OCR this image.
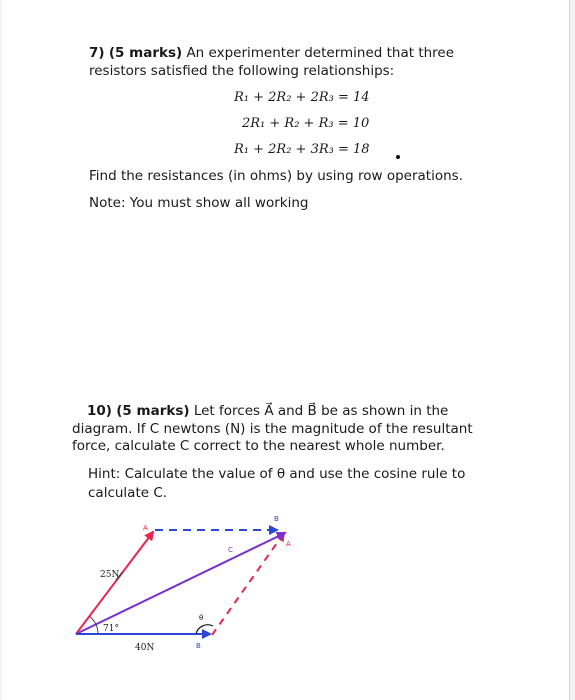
7) (5 marks) An experimenter determined that three
resistors satisfied the following relationships:
R₁ + 2R₂ + 2R₃ = 14
2R₁ + R₂ + R₃ = 10
R₁ + 2R₂ + 3R₃ = 18
Find the resistances (in ohms) by using row operations.
Note: You must show all working
10) (5 marks) Let forces A⃗ and B⃗ be as shown in the
diagram. If C newtons (N) is the magnitude of the resultant
force, calculate C correct to the nearest whole number.
Hint: Calculate the value of θ and use the cosine rule to
calculate C.
A
B
C
A
B
θ
25N
40N
71°
